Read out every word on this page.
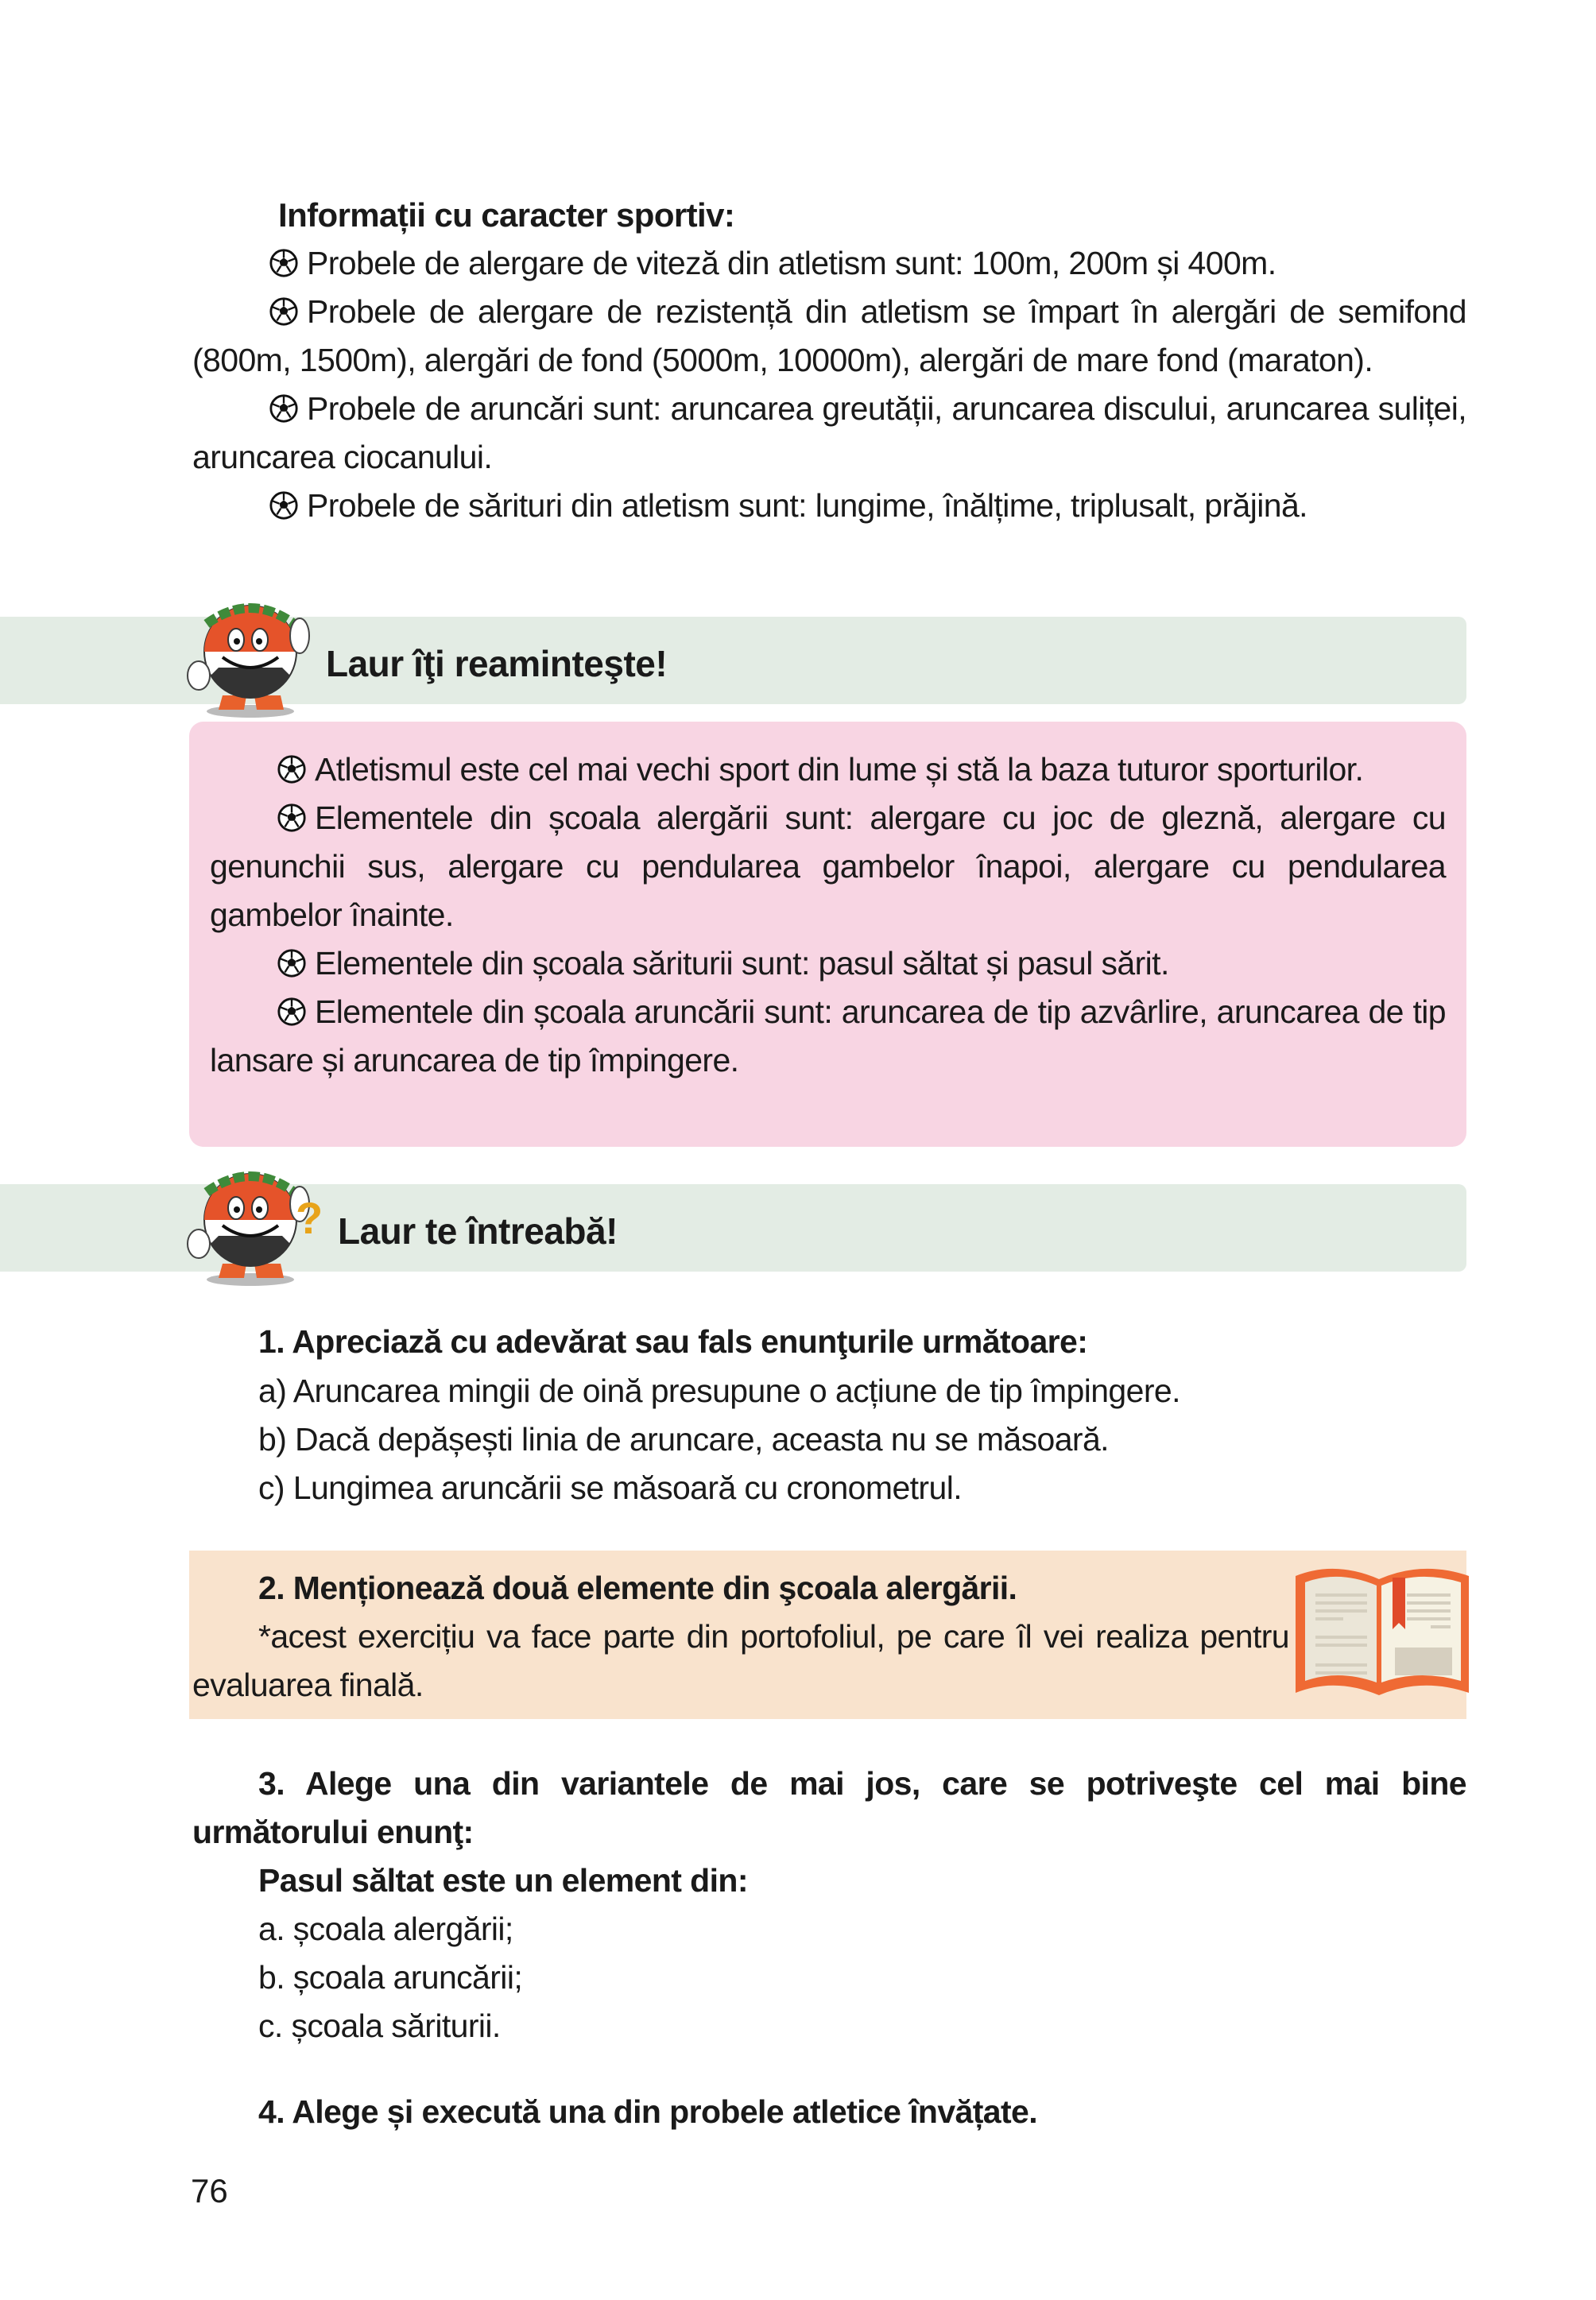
Informații cu caracter sportiv:

Probele de alergare de viteză din atletism sunt: 100m, 200m și 400m.

Probele de alergare de rezistență din atletism se împart în alergări de semifond (800m, 1500m), alergări de fond (5000m, 10000m), alergări de mare fond (maraton).

Probele de aruncări sunt: aruncarea greutății, aruncarea discului, aruncarea suliței, aruncarea ciocanului.

Probele de sărituri din atletism sunt: lungime, înălțime, triplusalt, prăjină.

Laur îţi reaminteşte!

Atletismul este cel mai vechi sport din lume și stă la baza tuturor sporturilor.

Elementele din școala alergării sunt: alergare cu joc de gleznă, alergare cu genunchii sus, alergare cu pendularea gambelor înapoi, alergare cu pendularea gambelor înainte.

Elementele din școala săriturii sunt: pasul săltat și pasul sărit.

Elementele din școala aruncării sunt: aruncarea de tip azvârlire, aruncarea de tip lansare și aruncarea de tip împingere.

? Laur te întreabă!
1. Apreciază cu adevărat sau fals enunţurile următoare:
a) Aruncarea mingii de oină presupune o acțiune de tip împingere.
b) Dacă depășești linia de aruncare, aceasta nu se măsoară.
c) Lungimea aruncării se măsoară cu cronometrul.
2. Menționează două elemente din şcoala alergării.
*acest exercițiu va face parte din portofoliul, pe care îl vei realiza pentru evaluarea finală.
3. Alege una din variantele de mai jos, care se potriveşte cel mai bine următorului enunţ:
Pasul săltat este un element din:
a. școala alergării;
b. școala aruncării;
c. școala săriturii.
4. Alege și execută una din probele atletice învățate.
76
